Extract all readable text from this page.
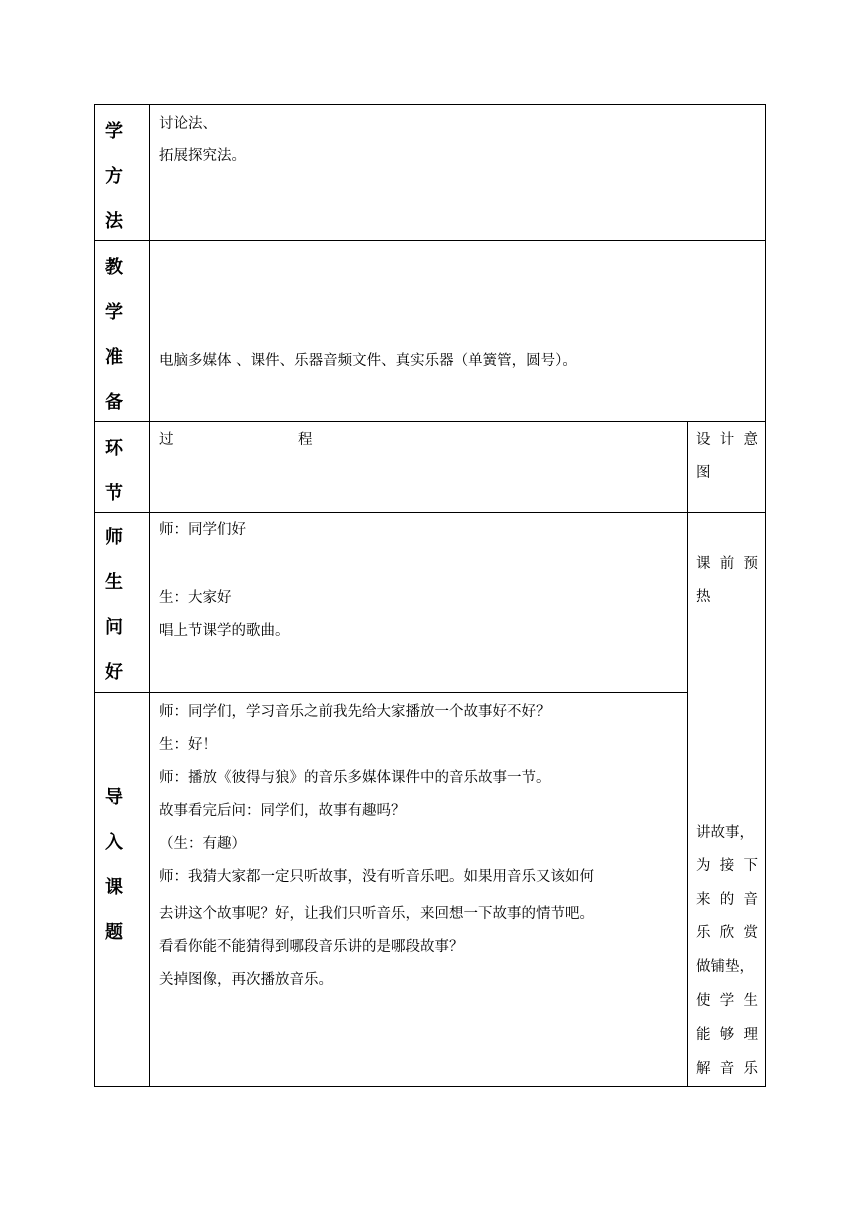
学
方
法
讨论法、
拓展探究法。
教
学
准
备
电脑多媒体 、课件、乐器音频文件、真实乐器（单簧管，圆号）。
环
节
过	程	设 计 意
图
师
生
问
好
师：同学们好
生：大家好
唱上节课学的歌曲。
课 前 预
热
导
入
课
题
师：同学们，学习音乐之前我先给大家播放一个故事好不好？
生：好！
师：播放《彼得与狼》的音乐多媒体课件中的音乐故事一节。
故事看完后问：同学们，故事有趣吗？
（生：有趣）
师：我猜大家都一定只听故事，没有听音乐吧。如果用音乐又该如何
去讲这个故事呢？好，让我们只听音乐，来回想一下故事的情节吧。
看看你能不能猜得到哪段音乐讲的是哪段故事？
关掉图像，再次播放音乐。
讲故事，
为 接 下
来 的 音
乐 欣 赏
做铺垫，
使 学 生
能 够 理
解 音 乐
